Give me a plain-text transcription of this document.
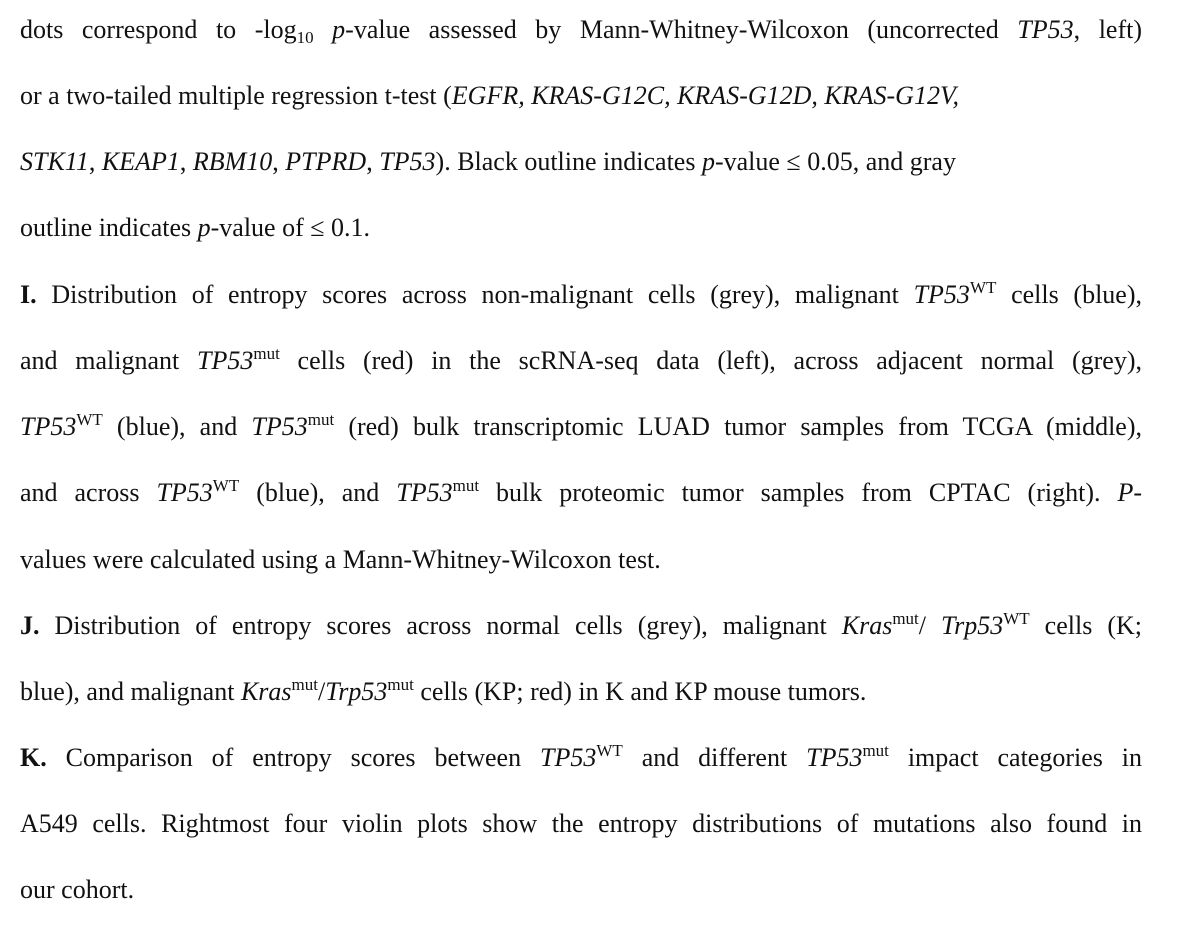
dots correspond to $-\log_{10}$ p-value assessed by Mann-Whitney-Wilcoxon (uncorrected TP53, left)
or a two-tailed multiple regression t-test (EGFR, KRAS-G12C, KRAS-G12D, KRAS-G12V,
STK11, KEAP1, RBM10, PTPRD, TP53). Black outline indicates p-value ≤ 0.05, and gray
outline indicates p-value of ≤ 0.1.
I. Distribution of entropy scores across non-malignant cells (grey), malignant $TP53^{WT}$ cells (blue),
and malignant $TP53^{mut}$ cells (red) in the scRNA-seq data (left), across adjacent normal (grey),
$TP53^{WT}$ (blue), and $TP53^{mut}$ (red) bulk transcriptomic LUAD tumor samples from TCGA (middle),
and across $TP53^{WT}$ (blue), and $TP53^{mut}$ bulk proteomic tumor samples from CPTAC (right). P-
values were calculated using a Mann-Whitney-Wilcoxon test.
J. Distribution of entropy scores across normal cells (grey), malignant Kras$^{mut}$/ $Trp53^{WT}$ cells (K;
blue), and malignant $Kras^{mut}/Trp53^{mut}$ cells (KP; red) in K and KP mouse tumors.
K. Comparison of entropy scores between $TP53^{WT}$ and different $TP53^{mut}$ impact categories in
A549 cells. Rightmost four violin plots show the entropy distributions of mutations also found in
our cohort.
